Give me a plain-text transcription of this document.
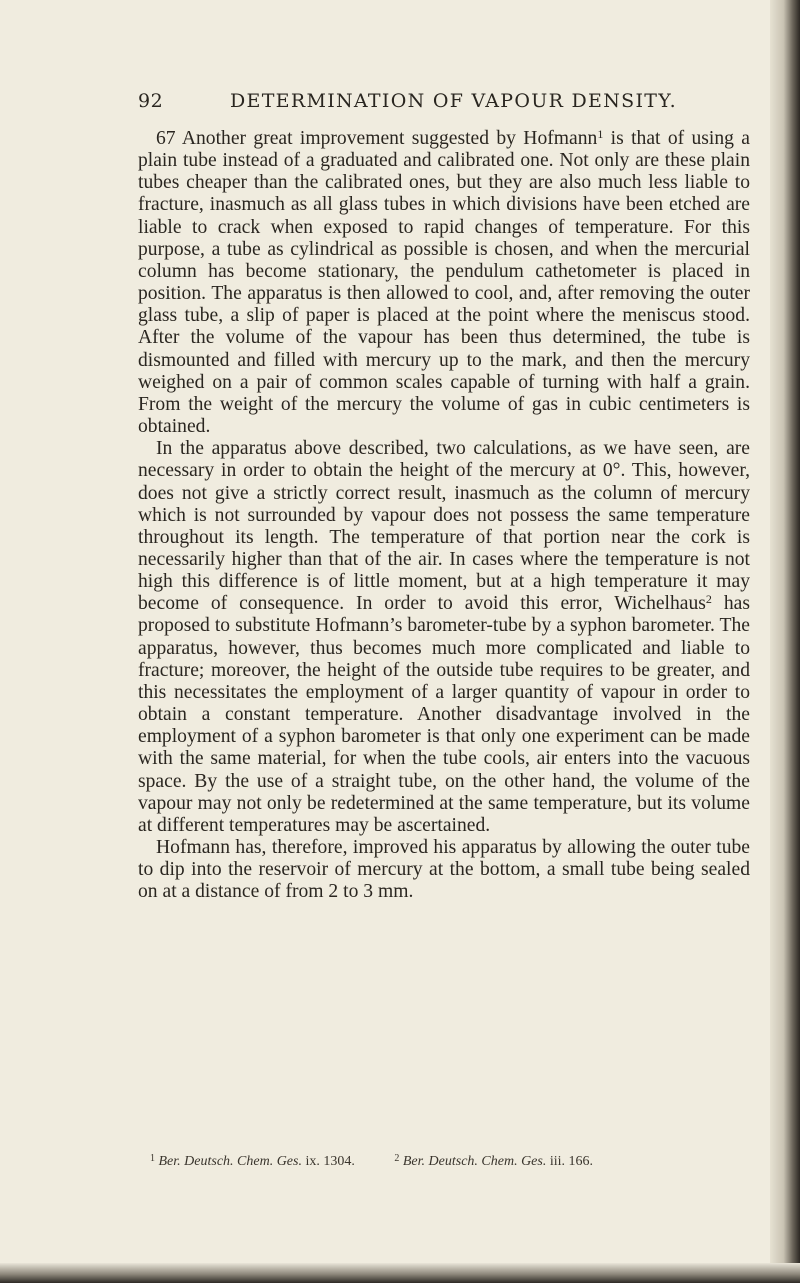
92	DETERMINATION OF VAPOUR DENSITY.

67 Another great improvement suggested by Hofmann$^1$ is that of using a plain tube instead of a graduated and calibrated one. Not only are these plain tubes cheaper than the calibrated ones, but they are also much less liable to fracture, inasmuch as all glass tubes in which divisions have been etched are liable to crack when exposed to rapid changes of temperature. For this purpose, a tube as cylindrical as possible is chosen, and when the mercurial column has become stationary, the pendulum cathetometer is placed in position. The apparatus is then allowed to cool, and, after removing the outer glass tube, a slip of paper is placed at the point where the meniscus stood. After the volume of the vapour has been thus determined, the tube is dismounted and filled with mercury up to the mark, and then the mercury weighed on a pair of common scales capable of turning with half a grain. From the weight of the mercury the volume of gas in cubic centimeters is obtained.

In the apparatus above described, two calculations, as we have seen, are necessary in order to obtain the height of the mercury at 0°. This, however, does not give a strictly correct result, inasmuch as the column of mercury which is not surrounded by vapour does not possess the same temperature throughout its length. The temperature of that portion near the cork is necessarily higher than that of the air. In cases where the temperature is not high this difference is of little moment, but at a high temperature it may become of consequence. In order to avoid this error, Wichelhaus$^2$ has proposed to substitute Hofmann’s barometer-tube by a syphon barometer. The apparatus, however, thus becomes much more complicated and liable to fracture; moreover, the height of the outside tube requires to be greater, and this necessitates the employment of a larger quantity of vapour in order to obtain a constant temperature. Another disadvantage involved in the employment of a syphon barometer is that only one experiment can be made with the same material, for when the tube cools, air enters into the vacuous space. By the use of a straight tube, on the other hand, the volume of the vapour may not only be redetermined at the same temperature, but its volume at different temperatures may be ascertained.

Hofmann has, therefore, improved his apparatus by allowing the outer tube to dip into the reservoir of mercury at the bottom, a small tube being sealed on at a distance of from 2 to 3 mm.

$^1$ Ber. Deutsch. Chem. Ges. ix. 1304.	$^2$ Ber. Deutsch. Chem. Ges. iii. 166.
